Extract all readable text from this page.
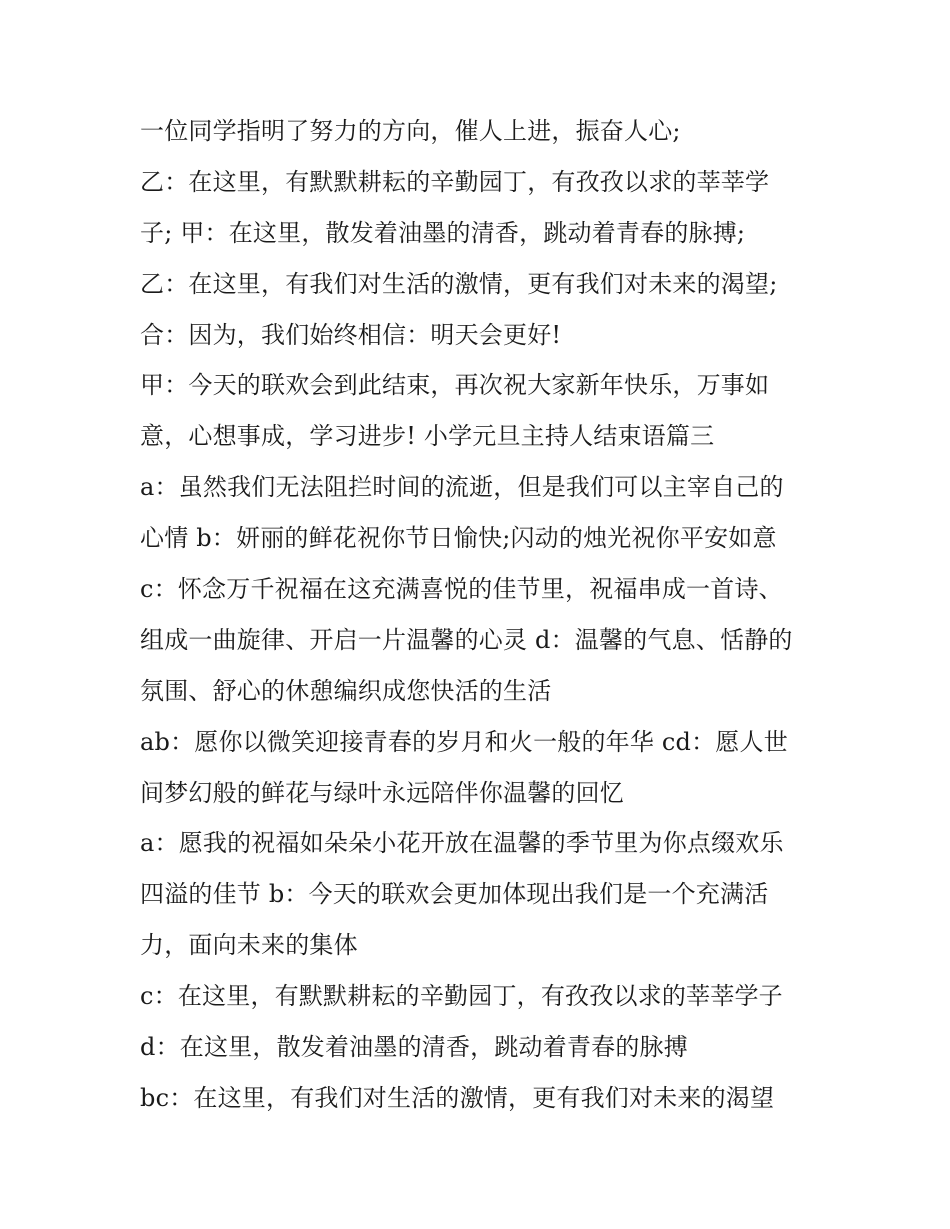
一位同学指明了努力的方向，催人上进，振奋人心;
乙：在这里，有默默耕耘的辛勤园丁，有孜孜以求的莘莘学
子; 甲：在这里，散发着油墨的清香，跳动着青春的脉搏;
乙：在这里，有我们对生活的激情，更有我们对未来的渴望;
合：因为，我们始终相信：明天会更好!
甲：今天的联欢会到此结束，再次祝大家新年快乐，万事如
意，心想事成，学习进步! 小学元旦主持人结束语篇三
a：虽然我们无法阻拦时间的流逝，但是我们可以主宰自己的
心情 b：妍丽的鲜花祝你节日愉快;闪动的烛光祝你平安如意
c：怀念万千祝福在这充满喜悦的佳节里，祝福串成一首诗、
组成一曲旋律、开启一片温馨的心灵 d：温馨的气息、恬静的
氛围、舒心的休憩编织成您快活的生活
ab：愿你以微笑迎接青春的岁月和火一般的年华 cd：愿人世
间梦幻般的鲜花与绿叶永远陪伴你温馨的回忆
a：愿我的祝福如朵朵小花开放在温馨的季节里为你点缀欢乐
四溢的佳节 b：今天的联欢会更加体现出我们是一个充满活
力，面向未来的集体
c：在这里，有默默耕耘的辛勤园丁，有孜孜以求的莘莘学子
d：在这里，散发着油墨的清香，跳动着青春的脉搏
bc：在这里，有我们对生活的激情，更有我们对未来的渴望
